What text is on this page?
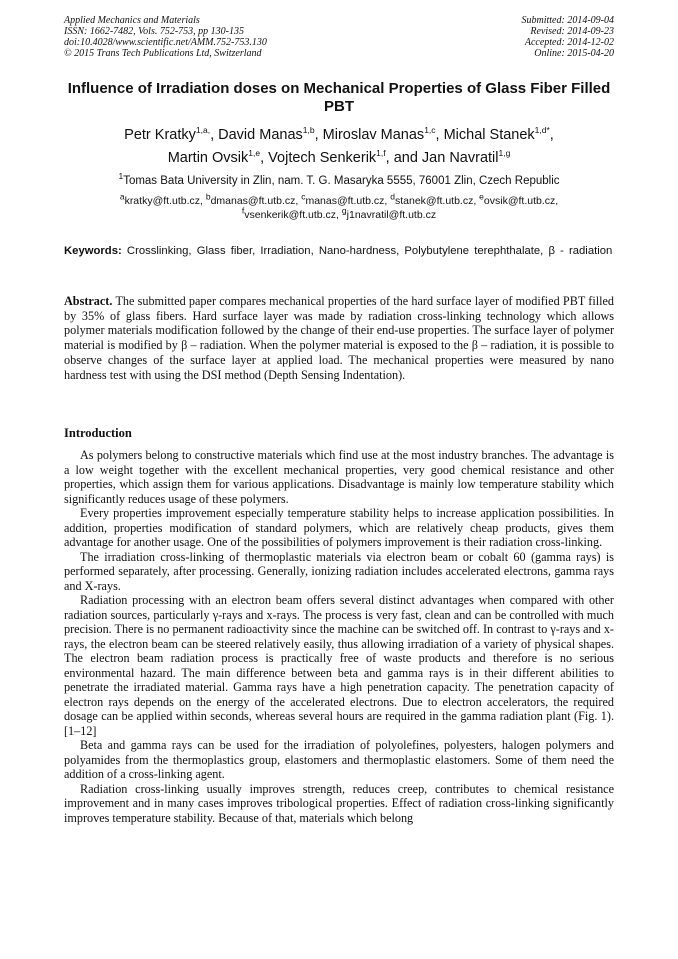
Applied Mechanics and Materials
ISSN: 1662-7482, Vols. 752-753, pp 130-135
doi:10.4028/www.scientific.net/AMM.752-753.130
© 2015 Trans Tech Publications Ltd, Switzerland
Submitted: 2014-09-04
Revised: 2014-09-23
Accepted: 2014-12-02
Online: 2015-04-20
Influence of Irradiation doses on Mechanical Properties of Glass Fiber Filled PBT
Petr Kratky$^{1,a,}$, David Manas$^{1,b}$, Miroslav Manas$^{1,c}$, Michal Stanek$^{1,d*}$,
Martin Ovsik$^{1,e}$, Vojtech Senkerik$^{1,f}$, and Jan Navratil$^{1,g}$
$^1$Tomas Bata University in Zlin, nam. T. G. Masaryka 5555, 76001 Zlin, Czech Republic
$^a$kratky@ft.utb.cz, $^b$dmanas@ft.utb.cz, $^c$manas@ft.utb.cz, $^d$stanek@ft.utb.cz, $^e$ovsik@ft.utb.cz,
$^f$vsenkerik@ft.utb.cz, $^g$j1navratil@ft.utb.cz
Keywords: Crosslinking, Glass fiber, Irradiation, Nano-hardness, Polybutylene terephthalate, β - radiation

Abstract. The submitted paper compares mechanical properties of the hard surface layer of modified PBT filled by 35% of glass fibers. Hard surface layer was made by radiation cross-linking technology which allows polymer materials modification followed by the change of their end-use properties. The surface layer of polymer material is modified by β – radiation. When the polymer material is exposed to the β – radiation, it is possible to observe changes of the surface layer at applied load. The mechanical properties were measured by nano hardness test with using the DSI method (Depth Sensing Indentation).

Introduction

As polymers belong to constructive materials which find use at the most industry branches. The advantage is a low weight together with the excellent mechanical properties, very good chemical resistance and other properties, which assign them for various applications. Disadvantage is mainly low temperature stability which significantly reduces usage of these polymers.

Every properties improvement especially temperature stability helps to increase application possibilities. In addition, properties modification of standard polymers, which are relatively cheap products, gives them advantage for another usage. One of the possibilities of polymers improvement is their radiation cross-linking.

The irradiation cross-linking of thermoplastic materials via electron beam or cobalt 60 (gamma rays) is performed separately, after processing. Generally, ionizing radiation includes accelerated electrons, gamma rays and X-rays.

Radiation processing with an electron beam offers several distinct advantages when compared with other radiation sources, particularly γ-rays and x-rays. The process is very fast, clean and can be controlled with much precision. There is no permanent radioactivity since the machine can be switched off. In contrast to γ-rays and x-rays, the electron beam can be steered relatively easily, thus allowing irradiation of a variety of physical shapes. The electron beam radiation process is practically free of waste products and therefore is no serious environmental hazard. The main difference between beta and gamma rays is in their different abilities to penetrate the irradiated material. Gamma rays have a high penetration capacity. The penetration capacity of electron rays depends on the energy of the accelerated electrons. Due to electron accelerators, the required dosage can be applied within seconds, whereas several hours are required in the gamma radiation plant (Fig. 1). [1–12]

Beta and gamma rays can be used for the irradiation of polyolefines, polyesters, halogen polymers and polyamides from the thermoplastics group, elastomers and thermoplastic elastomers. Some of them need the addition of a cross-linking agent.

Radiation cross-linking usually improves strength, reduces creep, contributes to chemical resistance improvement and in many cases improves tribological properties. Effect of radiation cross-linking significantly improves temperature stability. Because of that, materials which belong
